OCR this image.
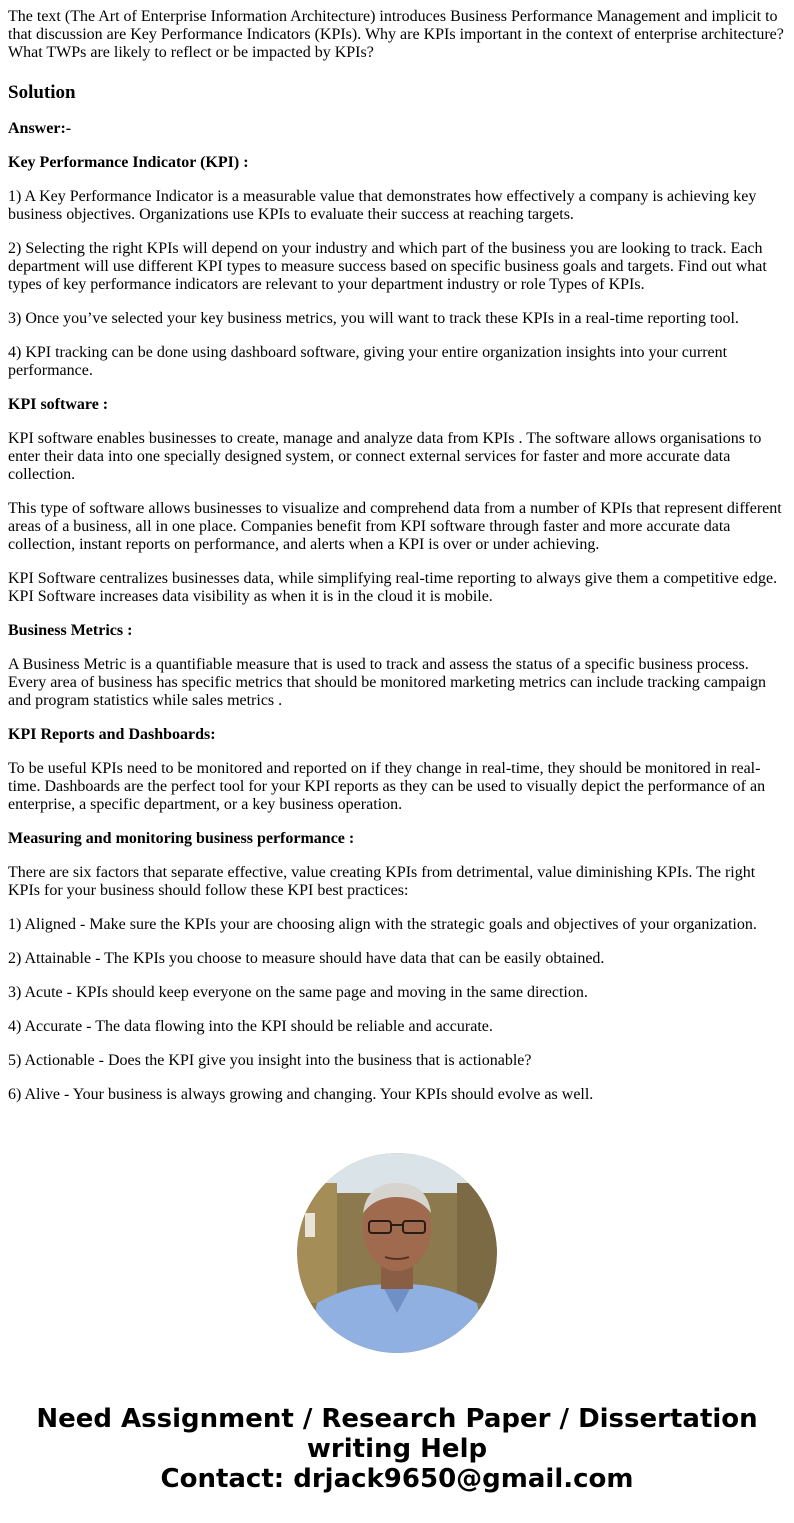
The text (The Art of Enterprise Information Architecture) introduces Business Performance Management and implicit to that discussion are Key Performance Indicators (KPIs). Why are KPIs important in the context of enterprise architecture? What TWPs are likely to reflect or be impacted by KPIs?

Solution

Answer:-

Key Performance Indicator (KPI) :

1) A Key Performance Indicator is a measurable value that demonstrates how effectively a company is achieving key business objectives. Organizations use KPIs to evaluate their success at reaching targets.

2) Selecting the right KPIs will depend on your industry and which part of the business you are looking to track. Each department will use different KPI types to measure success based on specific business goals and targets. Find out what types of key performance indicators are relevant to your department industry or role Types of KPIs.

3) Once you’ve selected your key business metrics, you will want to track these KPIs in a real-time reporting tool.

4) KPI tracking can be done using dashboard software, giving your entire organization insights into your current performance.

KPI software :

KPI software enables businesses to create, manage and analyze data from KPIs . The software allows organisations to enter their data into one specially designed system, or connect external services for faster and more accurate data collection.

This type of software allows businesses to visualize and comprehend data from a number of KPIs that represent different areas of a business, all in one place. Companies benefit from KPI software through faster and more accurate data collection, instant reports on performance, and alerts when a KPI is over or under achieving.

KPI Software centralizes businesses data, while simplifying real-time reporting to always give them a competitive edge. KPI Software increases data visibility as when it is in the cloud it is mobile.

Business Metrics :

A Business Metric is a quantifiable measure that is used to track and assess the status of a specific business process. Every area of business has specific metrics that should be monitored marketing metrics can include tracking campaign and program statistics while sales metrics .

KPI Reports and Dashboards:

To be useful KPIs need to be monitored and reported on if they change in real-time, they should be monitored in real-time. Dashboards are the perfect tool for your KPI reports as they can be used to visually depict the performance of an enterprise, a specific department, or a key business operation.

Measuring and monitoring business performance :

There are six factors that separate effective, value creating KPIs from detrimental, value diminishing KPIs. The right KPIs for your business should follow these KPI best practices:

1) Aligned - Make sure the KPIs your are choosing align with the strategic goals and objectives of your organization.

2) Attainable - The KPIs you choose to measure should have data that can be easily obtained.

3) Acute - KPIs should keep everyone on the same page and moving in the same direction.

4) Accurate - The data flowing into the KPI should be reliable and accurate.

5) Actionable - Does the KPI give you insight into the business that is actionable?

6) Alive - Your business is always growing and changing. Your KPIs should evolve as well.

Need Assignment / Research Paper / Dissertation
writing Help
Contact: drjack9650@gmail.com
